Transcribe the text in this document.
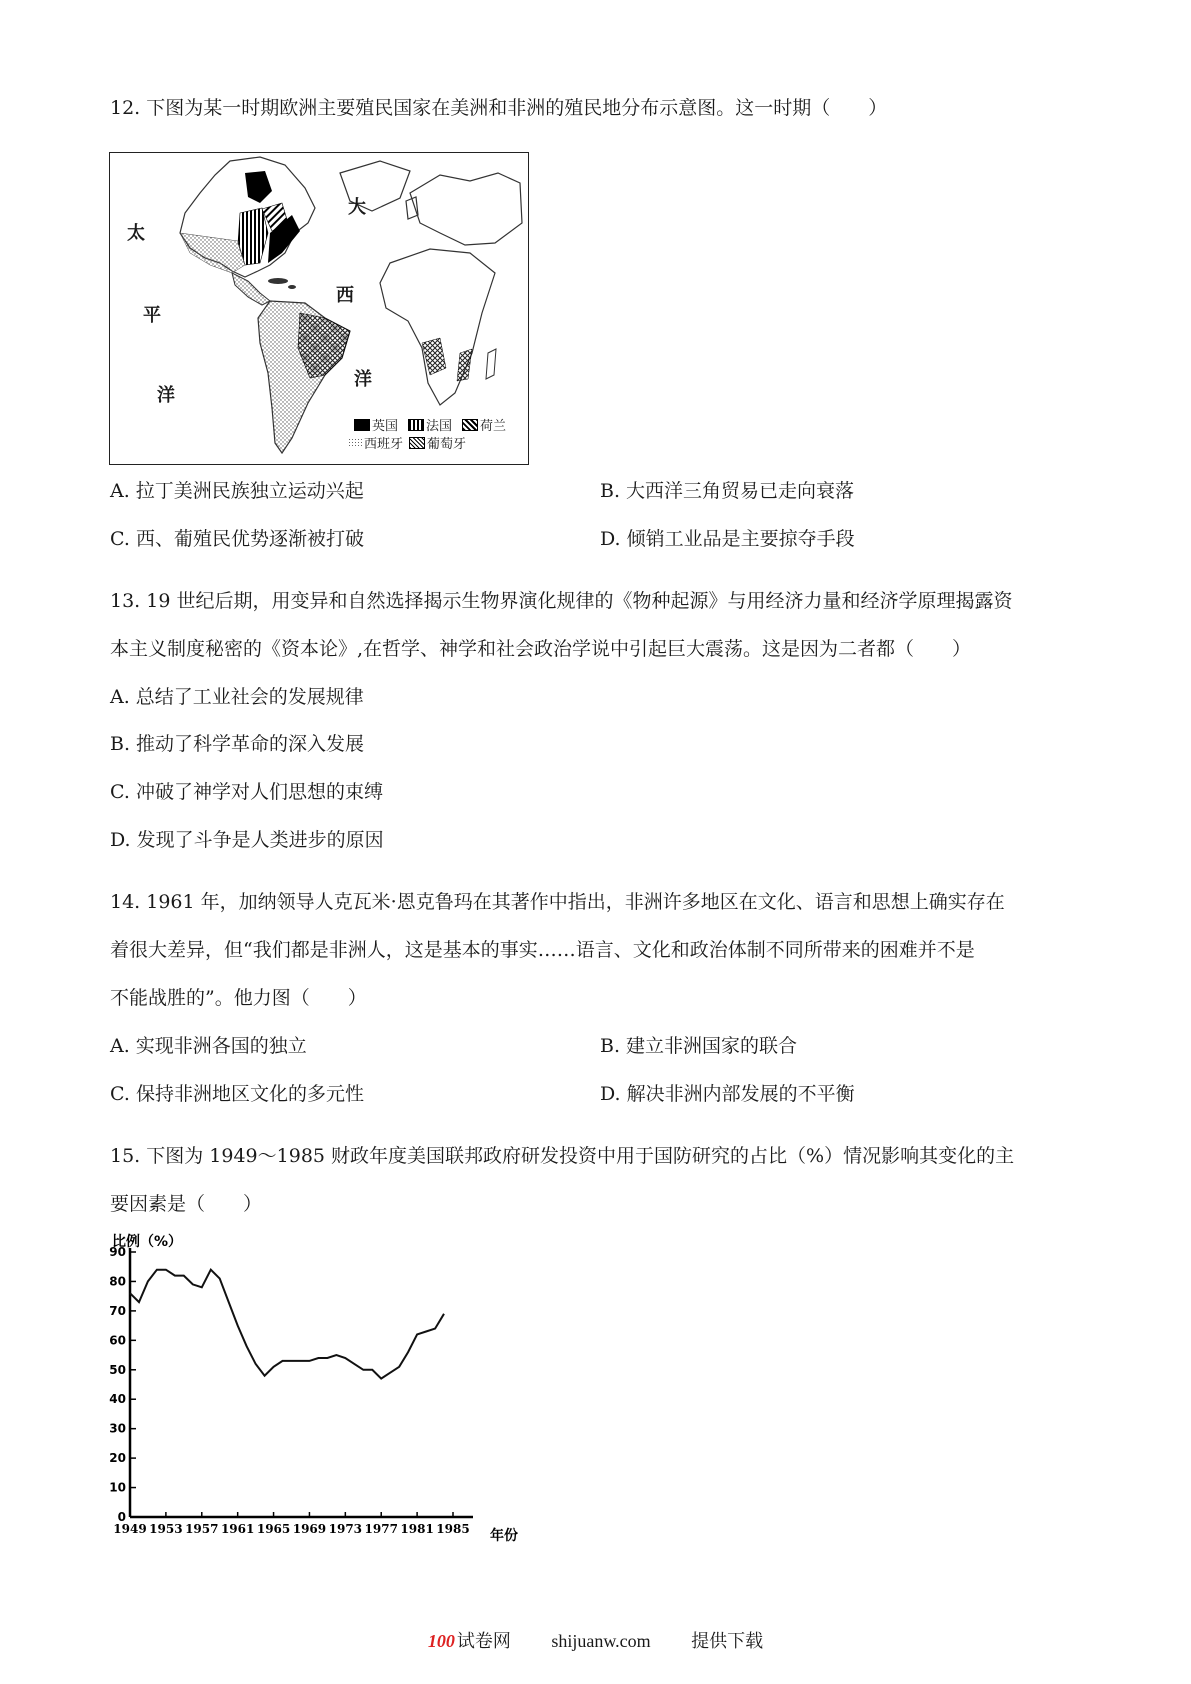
12. 下图为某一时期欧洲主要殖民国家在美洲和非洲的殖民地分布示意图。这一时期（　　）
大
西
洋
太
平
洋
英国 法国 荷兰
西班牙 葡萄牙
A. 拉丁美洲民族独立运动兴起	B. 大西洋三角贸易已走向衰落
C. 西、葡殖民优势逐渐被打破	D. 倾销工业品是主要掠夺手段
13. 19 世纪后期，用变异和自然选择揭示生物界演化规律的《物种起源》与用经济力量和经济学原理揭露资
本主义制度秘密的《资本论》,在哲学、神学和社会政治学说中引起巨大震荡。这是因为二者都（　　）
A. 总结了工业社会的发展规律
B. 推动了科学革命的深入发展
C. 冲破了神学对人们思想的束缚
D. 发现了斗争是人类进步的原因
14. 1961 年，加纳领导人克瓦米·恩克鲁玛在其著作中指出，非洲许多地区在文化、语言和思想上确实存在
着很大差异，但“我们都是非洲人，这是基本的事实……语言、文化和政治体制不同所带来的困难并不是
不能战胜的”。他力图（　　）
A. 实现非洲各国的独立	B. 建立非洲国家的联合
C. 保持非洲地区文化的多元性	D. 解决非洲内部发展的不平衡
15. 下图为 1949～1985 财政年度美国联邦政府研发投资中用于国防研究的占比（%）情况影响其变化的主
要因素是（　　）
0
10
20
30
40
50
60
70
80
90
1949 1953 1957 1961 1965 1969 1973 1977 1981 1985
比例（%）
年份
100 试卷网 shijuanw.com 提供下载
